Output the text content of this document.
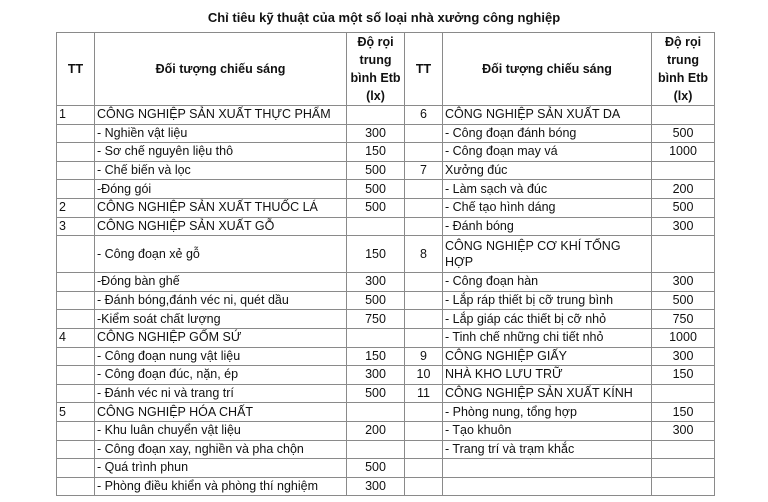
Chỉ tiêu kỹ thuật của một số loại nhà xưởng công nghiệp
TT	Đối tượng chiếu sáng	Độ rọi
trung
bình Etb
(lx)	TT	Đối tượng chiếu sáng	Độ rọi
trung
bình Etb
(lx)

1	CÔNG NGHIỆP SẢN XUẤT THỰC PHẨM		6	CÔNG NGHIỆP SẢN XUẤT DA	
	- Nghiền vật liệu	300		- Công đoạn đánh bóng	500
	- Sơ chế nguyên liệu thô	150		- Công đoạn may vá	1000
	- Chế biến và lọc	500	7	Xưởng đúc	
	-Đóng gói	500		- Làm sạch và đúc	200
2	CÔNG NGHIỆP SẢN XUẤT THUỐC LÁ	500		- Chế tạo hình dáng	500
3	CÔNG NGHIỆP SẢN XUẤT GỖ			- Đánh bóng	300
	- Công đoạn xẻ gỗ	150	8	CÔNG NGHIỆP CƠ KHÍ TỔNG HỢP	
	-Đóng bàn ghế	300		- Công đoạn hàn	300
	- Đánh bóng,đánh véc ni, quét dầu	500		- Lắp ráp thiết bị cỡ trung bình	500
	-Kiểm soát chất lượng	750		- Lắp giáp các thiết bị cỡ nhỏ	750
4	CÔNG NGHIỆP GỐM SỨ			- Tinh chế những chi tiết nhỏ	1000
	- Công đoạn nung vật liệu	150	9	CÔNG NGHIỆP GIẤY	300
	- Công đoạn đúc, nặn, ép	300	10	NHÀ KHO LƯU TRỮ	150
	- Đánh véc ni và trang trí	500	11	CÔNG NGHIỆP SẢN XUẤT KÍNH	
5	CÔNG NGHIỆP HÓA CHẤT			- Phòng nung, tổng hợp	150
	- Khu luân chuyển vật liệu	200		- Tạo khuôn	300
	- Công đoạn xay, nghiền và pha chộn			- Trang trí và trạm khắc	
	- Quá trình phun	500			
	- Phòng điều khiển và phòng thí nghiệm	300			
